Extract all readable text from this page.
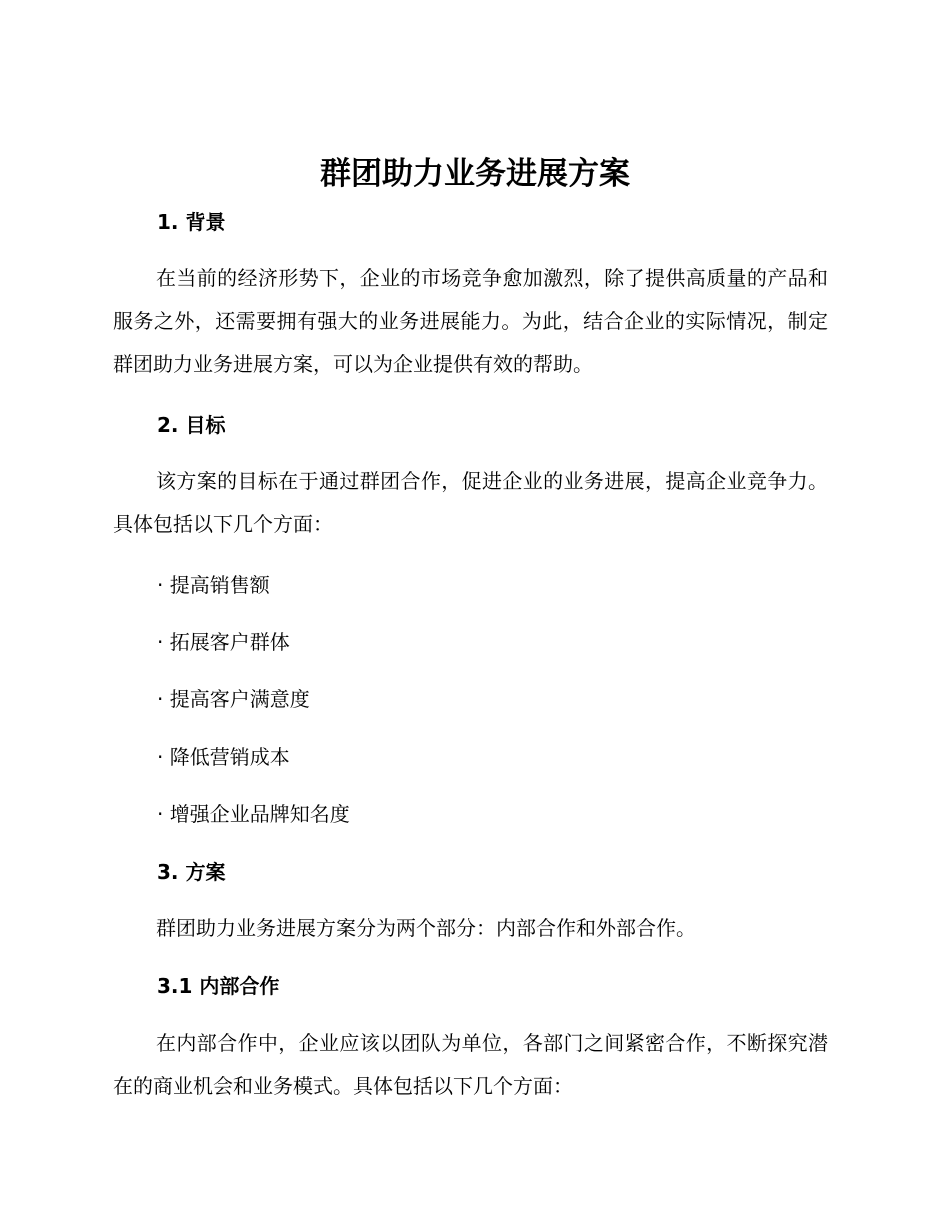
群团助力业务进展方案
1. 背景

在当前的经济形势下，企业的市场竞争愈加激烈，除了提供高质量的产品和服务之外，还需要拥有强大的业务进展能力。为此，结合企业的实际情况，制定群团助力业务进展方案，可以为企业提供有效的帮助。

2. 目标

该方案的目标在于通过群团合作，促进企业的业务进展，提高企业竞争力。具体包括以下几个方面：

· 提高销售额
· 拓展客户群体
· 提高客户满意度
· 降低营销成本
· 增强企业品牌知名度
3. 方案

群团助力业务进展方案分为两个部分：内部合作和外部合作。

3.1 内部合作

在内部合作中，企业应该以团队为单位，各部门之间紧密合作，不断探究潜在的商业机会和业务模式。具体包括以下几个方面：
